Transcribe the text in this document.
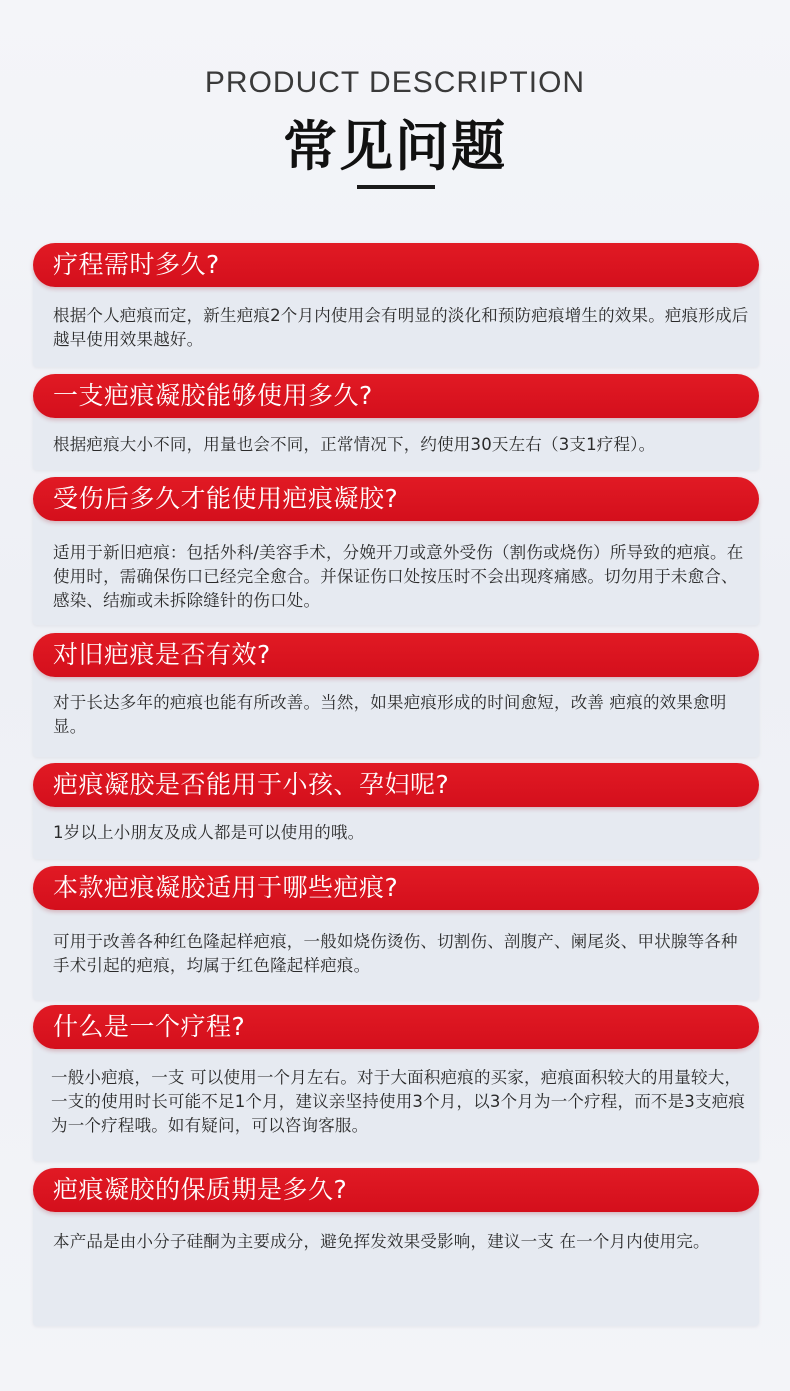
PRODUCT DESCRIPTION
常见问题
疗程需时多久?
根据个人疤痕而定，新生疤痕2个月内使用会有明显的淡化和预防疤痕增生的效果。疤痕形成后越早使用效果越好。
一支疤痕凝胶能够使用多久?
根据疤痕大小不同，用量也会不同，正常情况下，约使用30天左右（3支1疗程）。
受伤后多久才能使用疤痕凝胶?
适用于新旧疤痕：包括外科/美容手术，分娩开刀或意外受伤（割伤或烧伤）所导致的疤痕。在使用时，需确保伤口已经完全愈合。并保证伤口处按压时不会出现疼痛感。切勿用于未愈合、感染、结痂或未拆除缝针的伤口处。
对旧疤痕是否有效?
对于长达多年的疤痕也能有所改善。当然，如果疤痕形成的时间愈短，改善 疤痕的效果愈明显。
疤痕凝胶是否能用于小孩、孕妇呢?
1岁以上小朋友及成人都是可以使用的哦。
本款疤痕凝胶适用于哪些疤痕?
可用于改善各种红色隆起样疤痕，一般如烧伤烫伤、切割伤、剖腹产、阑尾炎、甲状腺等各种手术引起的疤痕，均属于红色隆起样疤痕。
什么是一个疗程?
一般小疤痕，一支 可以使用一个月左右。对于大面积疤痕的买家，疤痕面积较大的用量较大，一支的使用时长可能不足1个月，建议亲坚持使用3个月，以3个月为一个疗程，而不是3支疤痕　为一个疗程哦。如有疑问，可以咨询客服。
疤痕凝胶的保质期是多久?
本产品是由小分子硅酮为主要成分，避免挥发效果受影响，建议一支 在一个月内使用完。
